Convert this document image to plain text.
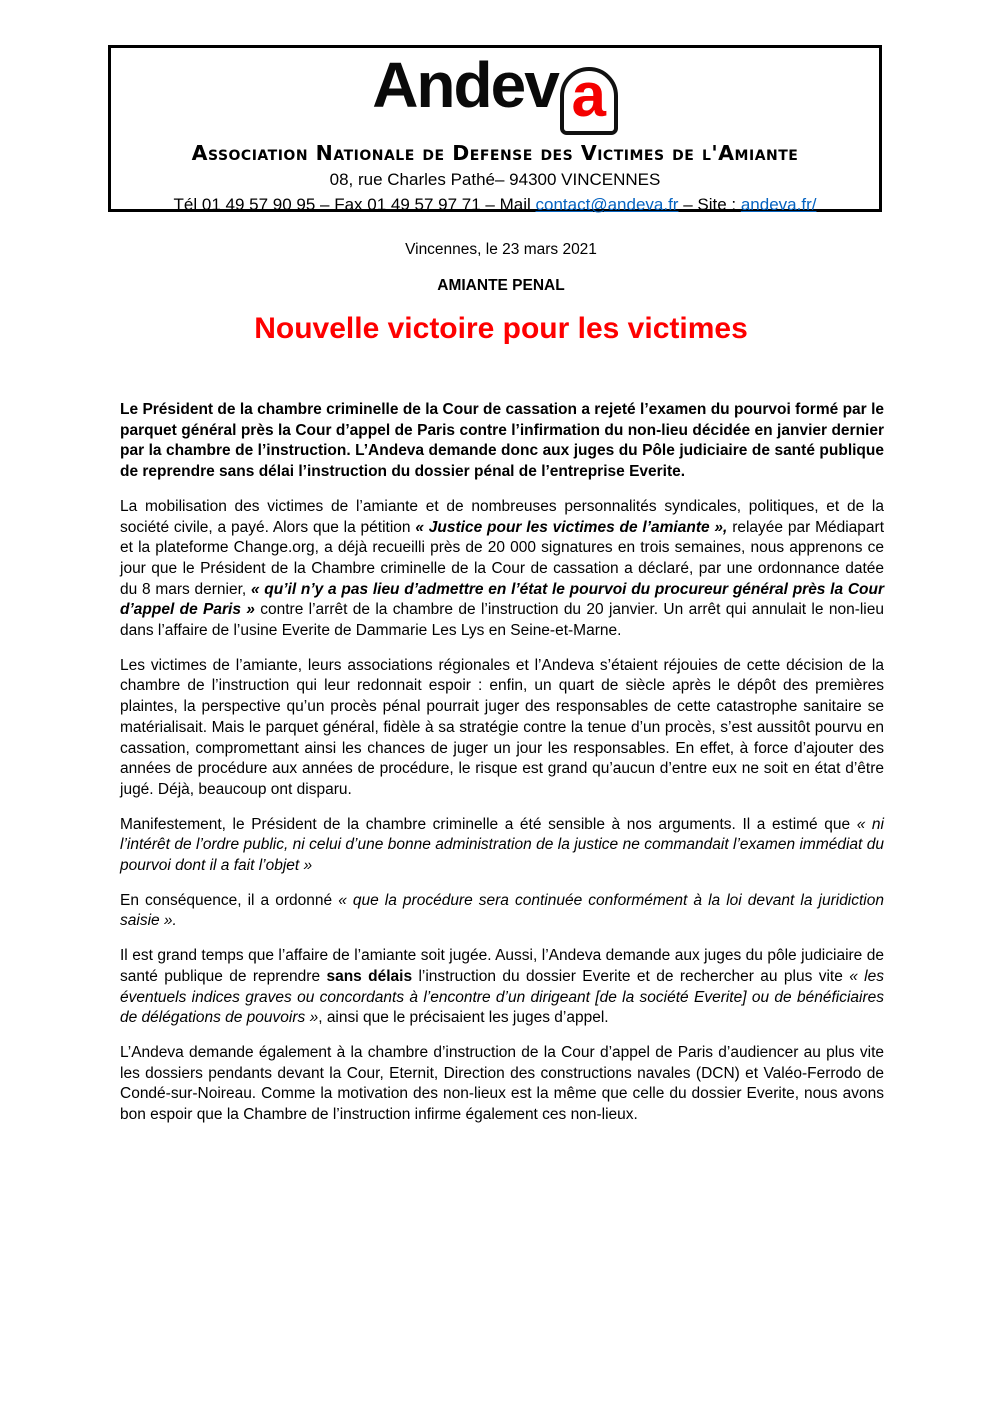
Andev a
Association Nationale de Defense des Victimes de l'Amiante
08, rue Charles Pathé– 94300 VINCENNES
Tél 01 49 57 90 95 – Fax 01 49 57 97 71 – Mail contact@andeva.fr – Site : andeva.fr/
Vincennes, le 23 mars 2021
AMIANTE PENAL
Nouvelle victoire pour les victimes

Le Président de la chambre criminelle de la Cour de cassation a rejeté l’examen du pourvoi formé par le parquet général près la Cour d’appel de Paris contre l’infirmation du non-lieu décidée en janvier dernier par la chambre de l’instruction. L’Andeva demande donc aux juges du Pôle judiciaire de santé publique de reprendre sans délai l’instruction du dossier pénal de l’entreprise Everite.

La mobilisation des victimes de l’amiante et de nombreuses personnalités syndicales, politiques, et de la société civile, a payé. Alors que la pétition « Justice pour les victimes de l’amiante », relayée par Médiapart et la plateforme Change.org, a déjà recueilli près de 20 000 signatures en trois semaines, nous apprenons ce jour que le Président de la Chambre criminelle de la Cour de cassation a déclaré, par une ordonnance datée du 8 mars dernier, « qu’il n’y a pas lieu d’admettre en l’état le pourvoi du procureur général près la Cour d’appel de Paris » contre l’arrêt de la chambre de l’instruction du 20 janvier. Un arrêt qui annulait le non-lieu dans l’affaire de l’usine Everite de Dammarie Les Lys en Seine-et-Marne.

Les victimes de l’amiante, leurs associations régionales et l’Andeva s’étaient réjouies de cette décision de la chambre de l’instruction qui leur redonnait espoir : enfin, un quart de siècle après le dépôt des premières plaintes, la perspective qu’un procès pénal pourrait juger des responsables de cette catastrophe sanitaire se matérialisait. Mais le parquet général, fidèle à sa stratégie contre la tenue d’un procès, s’est aussitôt pourvu en cassation, compromettant ainsi les chances de juger un jour les responsables. En effet, à force d’ajouter des années de procédure aux années de procédure, le risque est grand qu’aucun d’entre eux ne soit en état d’être jugé. Déjà, beaucoup ont disparu.

Manifestement, le Président de la chambre criminelle a été sensible à nos arguments. Il a estimé que « ni l’intérêt de l’ordre public, ni celui d’une bonne administration de la justice ne commandait l’examen immédiat du pourvoi dont il a fait l’objet »

En conséquence, il a ordonné « que la procédure sera continuée conformément à la loi devant la juridiction saisie ».

Il est grand temps que l’affaire de l’amiante soit jugée. Aussi, l’Andeva demande aux juges du pôle judiciaire de santé publique de reprendre sans délais l’instruction du dossier Everite et de rechercher au plus vite « les éventuels indices graves ou concordants à l’encontre d’un dirigeant [de la société Everite] ou de bénéficiaires de délégations de pouvoirs », ainsi que le précisaient les juges d’appel.

L’Andeva demande également à la chambre d’instruction de la Cour d’appel de Paris d’audiencer au plus vite les dossiers pendants devant la Cour, Eternit, Direction des constructions navales (DCN) et Valéo-Ferrodo de Condé-sur-Noireau. Comme la motivation des non-lieux est la même que celle du dossier Everite, nous avons bon espoir que la Chambre de l’instruction infirme également ces non-lieux.
